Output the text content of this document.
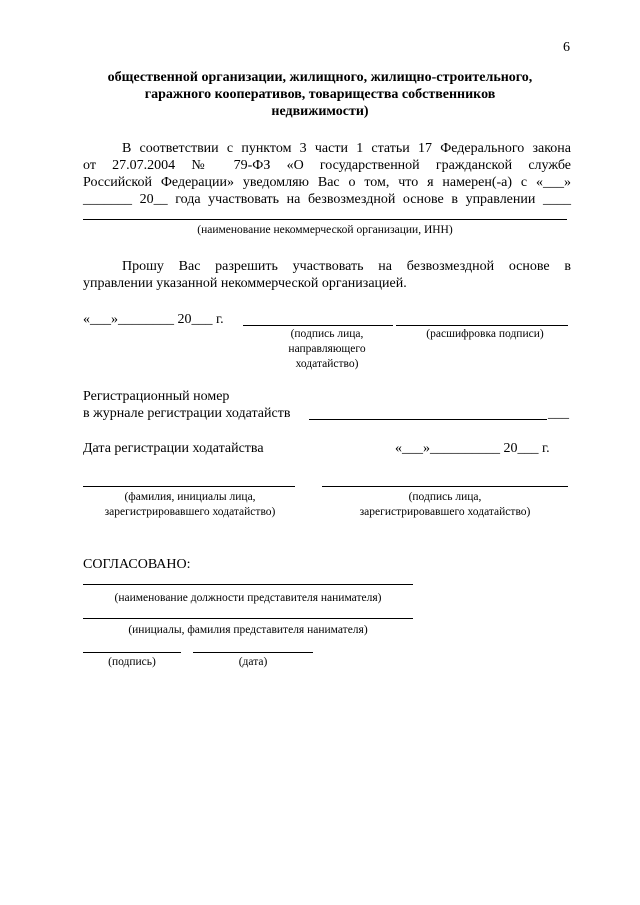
6
общественной организации, жилищного, жилищно-строительного,
гаражного кооперативов, товарищества собственников
недвижимости)
В соответствии с пунктом 3 части 1 статьи 17 Федерального закона
от 27.07.2004 № 79-ФЗ «О государственной гражданской службе
Российской Федерации» уведомляю Вас о том, что я намерен(-а) с «___»
_______ 20__ года участвовать на безвозмездной основе в управлении ____
(наименование некоммерческой организации, ИНН)
Прошу Вас разрешить участвовать на безвозмездной основе в
управлении указанной некоммерческой организацией.
«___»________ 20___ г.
(подпись лица,
направляющего
ходатайство)
(расшифровка подписи)
Регистрационный номер
в журнале регистрации ходатайств	___
Дата регистрации ходатайства	«___»__________ 20___ г.
(фамилия, инициалы лица,
зарегистрировавшего ходатайство)
(подпись лица,
зарегистрировавшего ходатайство)
СОГЛАСОВАНО:
(наименование должности представителя нанимателя)
(инициалы, фамилия представителя нанимателя)
(подпись)	(дата)
